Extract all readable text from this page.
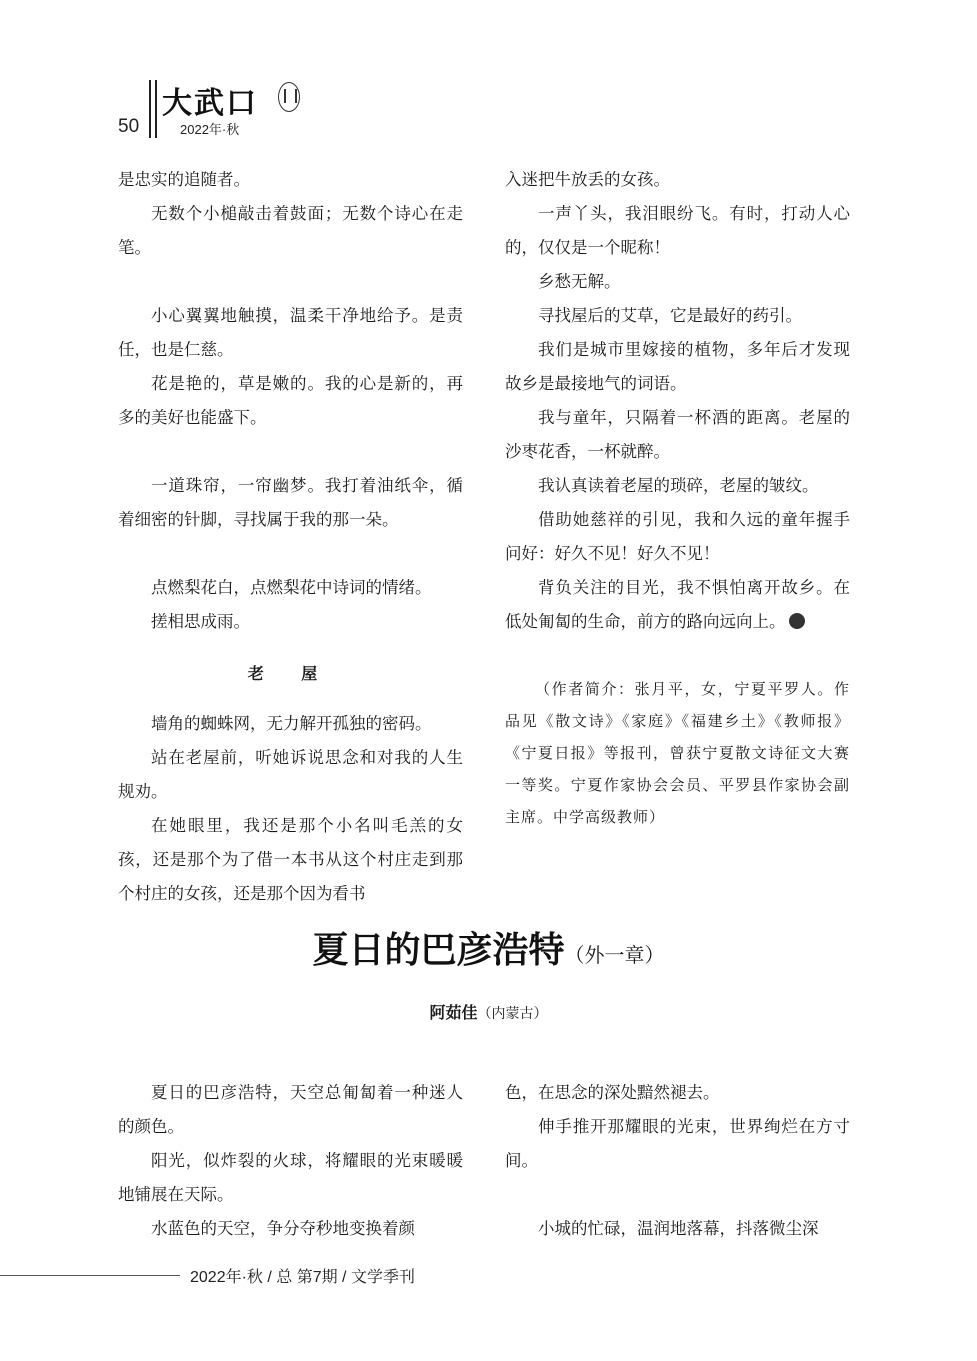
50
大武口
2022年·秋

是忠实的追随者。

无数个小槌敲击着鼓面；无数个诗心在走笔。

小心翼翼地触摸，温柔干净地给予。是责任，也是仁慈。

花是艳的，草是嫩的。我的心是新的，再多的美好也能盛下。

一道珠帘，一帘幽梦。我打着油纸伞，循着细密的针脚，寻找属于我的那一朵。

点燃梨花白，点燃梨花中诗词的情绪。

搓相思成雨。

老 屋

墙角的蜘蛛网，无力解开孤独的密码。

站在老屋前，听她诉说思念和对我的人生规劝。

在她眼里，我还是那个小名叫毛羔的女孩，还是那个为了借一本书从这个村庄走到那个村庄的女孩，还是那个因为看书

入迷把牛放丢的女孩。

一声丫头，我泪眼纷飞。有时，打动人心的，仅仅是一个昵称！

乡愁无解。

寻找屋后的艾草，它是最好的药引。

我们是城市里嫁接的植物，多年后才发现故乡是最接地气的词语。

我与童年，只隔着一杯酒的距离。老屋的沙枣花香，一杯就醉。

我认真读着老屋的琐碎，老屋的皱纹。

借助她慈祥的引见，我和久远的童年握手问好：好久不见！好久不见！

背负关注的目光，我不惧怕离开故乡。在低处匍匐的生命，前方的路向远向上。

（作者简介：张月平，女，宁夏平罗人。作品见《散文诗》《家庭》《福建乡土》《教师报》《宁夏日报》等报刊，曾获宁夏散文诗征文大赛一等奖。宁夏作家协会会员、平罗县作家协会副主席。中学高级教师）

夏日的巴彦浩特（外一章）
阿茹佳（内蒙古）

夏日的巴彦浩特，天空总匍匐着一种迷人的颜色。

阳光，似炸裂的火球，将耀眼的光束暖暖地铺展在天际。

水蓝色的天空，争分夺秒地变换着颜

色，在思念的深处黯然褪去。

伸手推开那耀眼的光束，世界绚烂在方寸间。

小城的忙碌，温润地落幕，抖落微尘深

2022年·秋 / 总 第7期 / 文学季刊
